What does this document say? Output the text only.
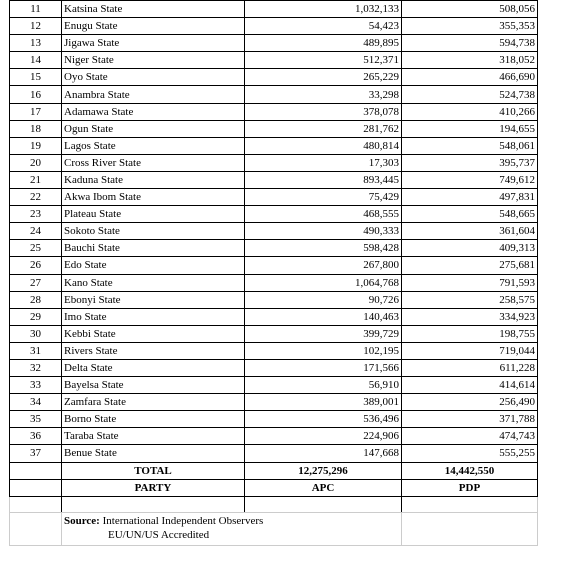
11	Katsina State	1,032,133	508,056
12	Enugu State	54,423	355,353
13	Jigawa State	489,895	594,738
14	Niger State	512,371	318,052
15	Oyo State	265,229	466,690
16	Anambra State	33,298	524,738
17	Adamawa State	378,078	410,266
18	Ogun State	281,762	194,655
19	Lagos State	480,814	548,061
20	Cross River State	17,303	395,737
21	Kaduna State	893,445	749,612
22	Akwa Ibom State	75,429	497,831
23	Plateau State	468,555	548,665
24	Sokoto State	490,333	361,604
25	Bauchi State	598,428	409,313
26	Edo State	267,800	275,681
27	Kano State	1,064,768	791,593
28	Ebonyi State	90,726	258,575
29	Imo State	140,463	334,923
30	Kebbi State	399,729	198,755
31	Rivers State	102,195	719,044
32	Delta State	171,566	611,228
33	Bayelsa State	56,910	414,614
34	Zamfara State	389,001	256,490
35	Borno State	536,496	371,788
36	Taraba State	224,906	474,743
37	Benue State	147,668	555,255
	TOTAL	12,275,296	14,442,550
	PARTY	APC	PDP

	Source: International Independent Observers
EU/UN/US Accredited		
